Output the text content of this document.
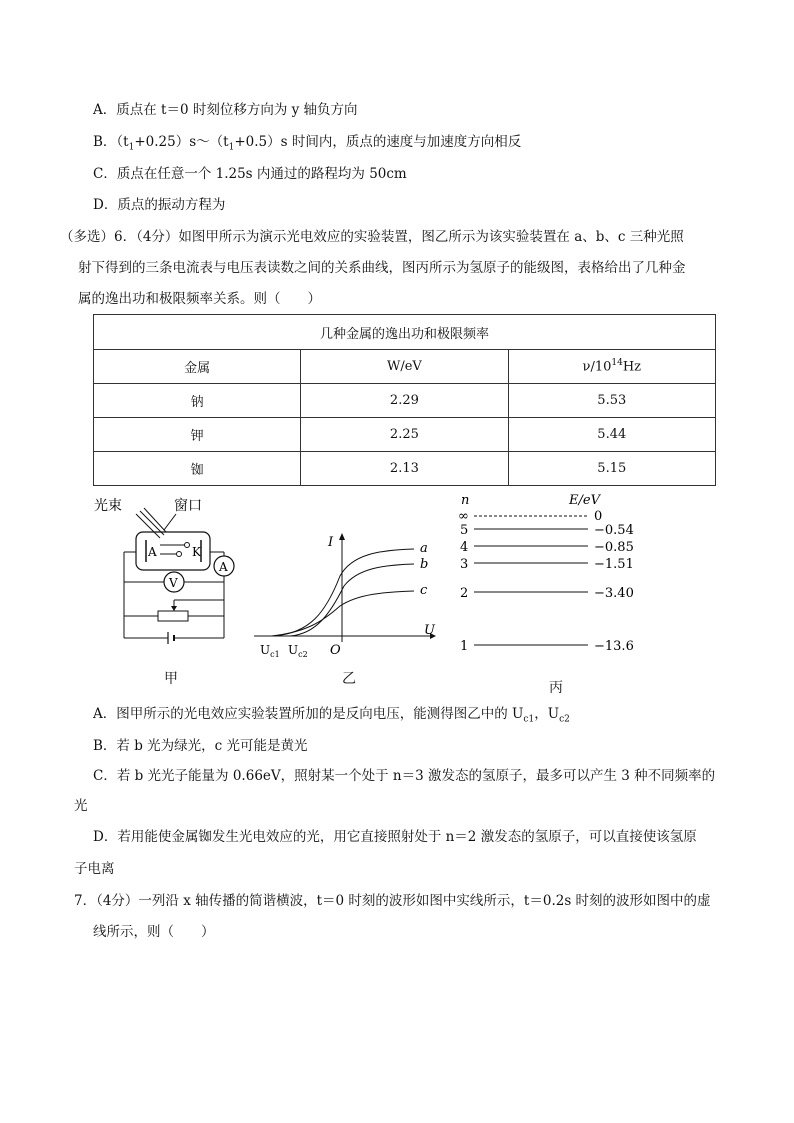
A．质点在 t＝0 时刻位移方向为 y 轴负方向
B．$(t_1+0.25)s\sim(t_1+0.5)s$ 时间内，质点的速度与加速度方向相反
C．质点在任意一个 1.25s 内通过的路程均为 50cm
D．质点的振动方程为
（多选）6．（4分）如图甲所示为演示光电效应的实验装置，图乙所示为该实验装置在 a、b、c 三种光照
射下得到的三条电流表与电压表读数之间的关系曲线，图丙所示为氢原子的能级图，表格给出了几种金
属的逸出功和极限频率关系。则（　　）
几种金属的逸出功和极限频率		
金属	W/eV	$\nu/10^{14}Hz$
钠	2.29	5.53
钾	2.25	5.44
铷	2.13	5.15
光束	窗口
A	K
A
V
甲
I
U
O
a
b
c
$U_{c1}$ $U_{c2}$
乙
n	E/eV
∞	0
5	−0.54
4	−0.85
3	−1.51
2	−3.40
1	−13.6
丙
A．图甲所示的光电效应实验装置所加的是反向电压，能测得图乙中的 $U_{c1}$，$U_{c2}$
B．若 b 光为绿光，c 光可能是黄光
C．若 b 光光子能量为 0.66eV，照射某一个处于 n＝3 激发态的氢原子，最多可以产生 3 种不同频率的
光
D．若用能使金属铷发生光电效应的光，用它直接照射处于 n＝2 激发态的氢原子，可以直接使该氢原
子电离
7．（4分）一列沿 x 轴传播的简谐横波，t＝0 时刻的波形如图中实线所示，t＝0.2s 时刻的波形如图中的虚
线所示，则（　　）
